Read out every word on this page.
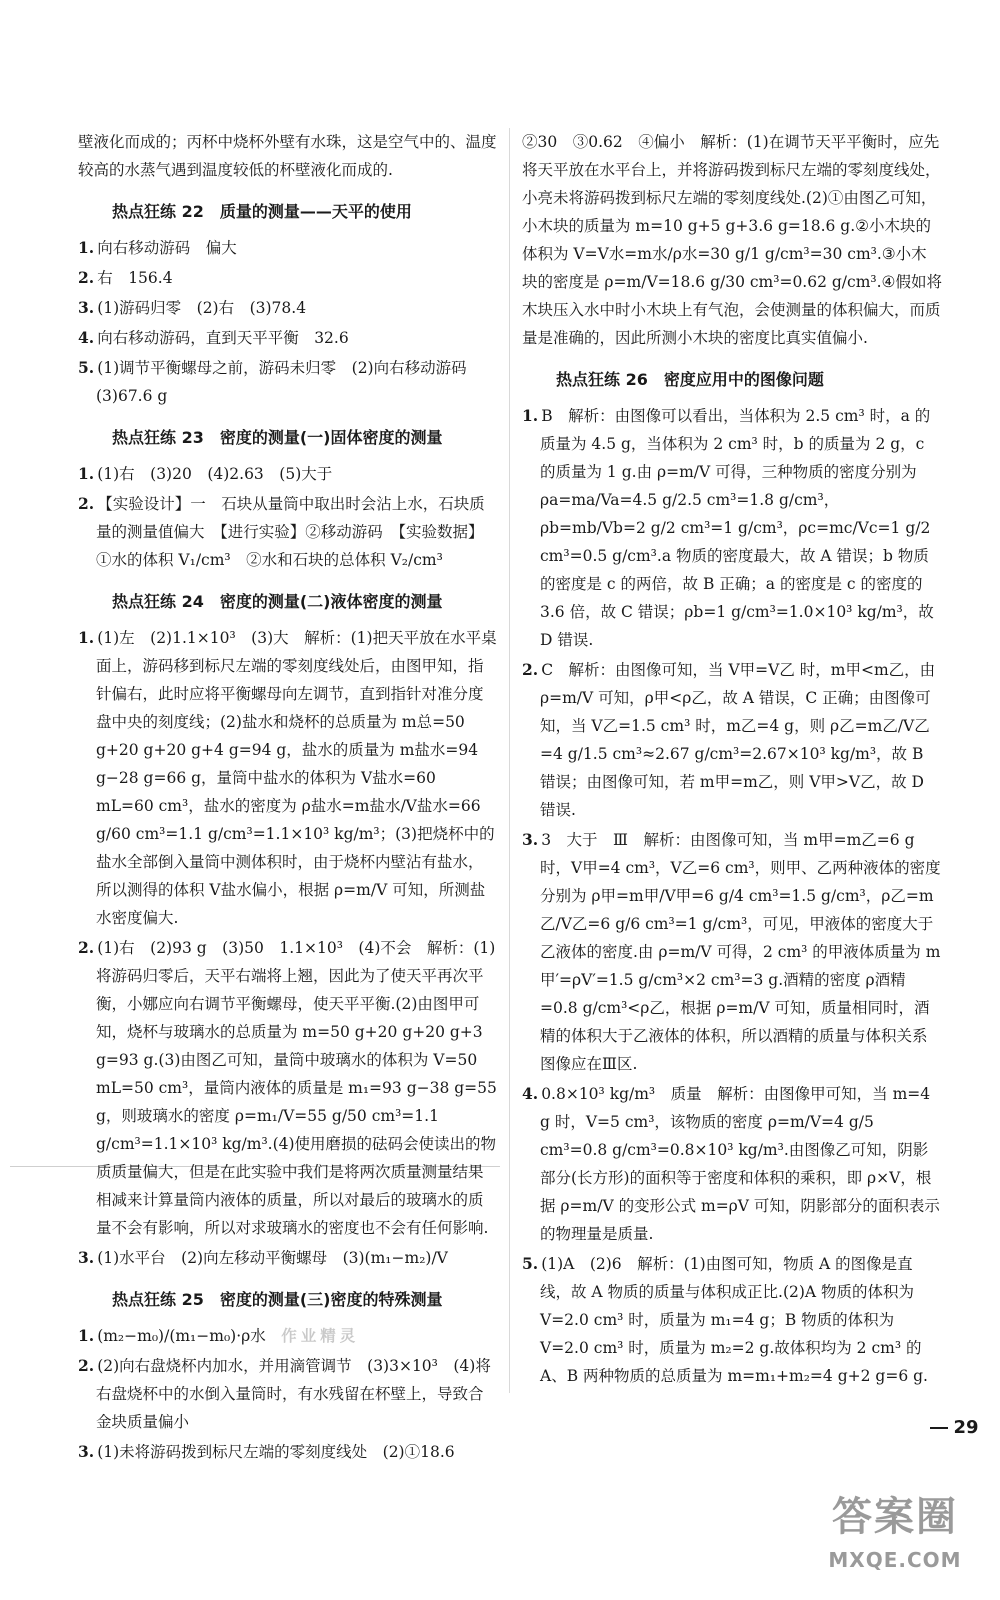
壁液化而成的；丙杯中烧杯外壁有水珠，这是空气中的、温度较高的水蒸气遇到温度较低的杯壁液化而成的.

热点狂练 22　质量的测量——天平的使用
1. 向右移动游码　偏大
2. 右　156.4
3. (1)游码归零　(2)右　(3)78.4
4. 向右移动游码，直到天平平衡　32.6
5. (1)调节平衡螺母之前，游码未归零　(2)向右移动游码　(3)67.6 g
热点狂练 23　密度的测量(一)固体密度的测量
1. (1)右　(3)20　(4)2.63　(5)大于
2. 【实验设计】一　石块从量筒中取出时会沾上水，石块质量的测量值偏大　【进行实验】②移动游码　【实验数据】①水的体积 V₁/cm³　②水和石块的总体积 V₂/cm³
热点狂练 24　密度的测量(二)液体密度的测量
1. (1)左　(2)1.1×10³　(3)大　解析：(1)把天平放在水平桌面上，游码移到标尺左端的零刻度线处后，由图甲知，指针偏右，此时应将平衡螺母向左调节，直到指针对准分度盘中央的刻度线；(2)盐水和烧杯的总质量为 m总=50 g+20 g+20 g+4 g=94 g，盐水的质量为 m盐水=94 g−28 g=66 g，量筒中盐水的体积为 V盐水=60 mL=60 cm³，盐水的密度为 ρ盐水=m盐水/V盐水=66 g/60 cm³=1.1 g/cm³=1.1×10³ kg/m³；(3)把烧杯中的盐水全部倒入量筒中测体积时，由于烧杯内壁沾有盐水，所以测得的体积 V盐水偏小，根据 ρ=m/V 可知，所测盐水密度偏大.
2. (1)右　(2)93 g　(3)50　1.1×10³　(4)不会　解析：(1)将游码归零后，天平右端将上翘，因此为了使天平再次平衡，小娜应向右调节平衡螺母，使天平平衡.(2)由图甲可知，烧杯与玻璃水的总质量为 m=50 g+20 g+20 g+3 g=93 g.(3)由图乙可知，量筒中玻璃水的体积为 V=50 mL=50 cm³，量筒内液体的质量是 m₁=93 g−38 g=55 g，则玻璃水的密度 ρ=m₁/V=55 g/50 cm³=1.1 g/cm³=1.1×10³ kg/m³.(4)使用磨损的砝码会使读出的物质质量偏大，但是在此实验中我们是将两次质量测量结果相减来计算量筒内液体的质量，所以对最后的玻璃水的质量不会有影响，所以对求玻璃水的密度也不会有任何影响.
3. (1)水平台　(2)向左移动平衡螺母　(3)(m₁−m₂)/V
热点狂练 25　密度的测量(三)密度的特殊测量
1. (m₂−m₀)/(m₁−m₀)·ρ水　 作业精灵
2. (2)向右盘烧杯内加水，并用滴管调节　(3)3×10³　(4)将右盘烧杯中的水倒入量筒时，有水残留在杯壁上，导致合金块质量偏小
3. (1)未将游码拨到标尺左端的零刻度线处　(2)①18.6

②30　③0.62　④偏小　解析：(1)在调节天平平衡时，应先将天平放在水平台上，并将游码拨到标尺左端的零刻度线处，小亮未将游码拨到标尺左端的零刻度线处.(2)①由图乙可知，小木块的质量为 m=10 g+5 g+3.6 g=18.6 g.②小木块的体积为 V=V水=m水/ρ水=30 g/1 g/cm³=30 cm³.③小木块的密度是 ρ=m/V=18.6 g/30 cm³=0.62 g/cm³.④假如将木块压入水中时小木块上有气泡，会使测量的体积偏大，而质量是准确的，因此所测小木块的密度比真实值偏小.

热点狂练 26　密度应用中的图像问题
1. B　解析：由图像可以看出，当体积为 2.5 cm³ 时，a 的质量为 4.5 g，当体积为 2 cm³ 时，b 的质量为 2 g，c 的质量为 1 g.由 ρ=m/V 可得，三种物质的密度分别为 ρa=ma/Va=4.5 g/2.5 cm³=1.8 g/cm³，ρb=mb/Vb=2 g/2 cm³=1 g/cm³，ρc=mc/Vc=1 g/2 cm³=0.5 g/cm³.a 物质的密度最大，故 A 错误；b 物质的密度是 c 的两倍，故 B 正确；a 的密度是 c 的密度的 3.6 倍，故 C 错误；ρb=1 g/cm³=1.0×10³ kg/m³，故 D 错误.
2. C　解析：由图像可知，当 V甲=V乙 时，m甲<m乙，由 ρ=m/V 可知，ρ甲<ρ乙，故 A 错误，C 正确；由图像可知，当 V乙=1.5 cm³ 时，m乙=4 g，则 ρ乙=m乙/V乙=4 g/1.5 cm³≈2.67 g/cm³=2.67×10³ kg/m³，故 B 错误；由图像可知，若 m甲=m乙，则 V甲>V乙，故 D 错误.
3. 3　大于　Ⅲ　解析：由图像可知，当 m甲=m乙=6 g 时，V甲=4 cm³，V乙=6 cm³，则甲、乙两种液体的密度分别为 ρ甲=m甲/V甲=6 g/4 cm³=1.5 g/cm³，ρ乙=m乙/V乙=6 g/6 cm³=1 g/cm³，可见，甲液体的密度大于乙液体的密度.由 ρ=m/V 可得，2 cm³ 的甲液体质量为 m甲′=ρV′=1.5 g/cm³×2 cm³=3 g.酒精的密度 ρ酒精=0.8 g/cm³<ρ乙，根据 ρ=m/V 可知，质量相同时，酒精的体积大于乙液体的体积，所以酒精的质量与体积关系图像应在Ⅲ区.
4. 0.8×10³ kg/m³　质量　解析：由图像甲可知，当 m=4 g 时，V=5 cm³，该物质的密度 ρ=m/V=4 g/5 cm³=0.8 g/cm³=0.8×10³ kg/m³.由图像乙可知，阴影部分(长方形)的面积等于密度和体积的乘积，即 ρ×V，根据 ρ=m/V 的变形公式 m=ρV 可知，阴影部分的面积表示的物理量是质量.
5. (1)A　(2)6　解析：(1)由图可知，物质 A 的图像是直线，故 A 物质的质量与体积成正比.(2)A 物质的体积为 V=2.0 cm³ 时，质量为 m₁=4 g；B 物质的体积为 V=2.0 cm³ 时，质量为 m₂=2 g.故体积均为 2 cm³ 的 A、B 两种物质的总质量为 m=m₁+m₂=4 g+2 g=6 g.
29
答案圈
MXQE.COM
